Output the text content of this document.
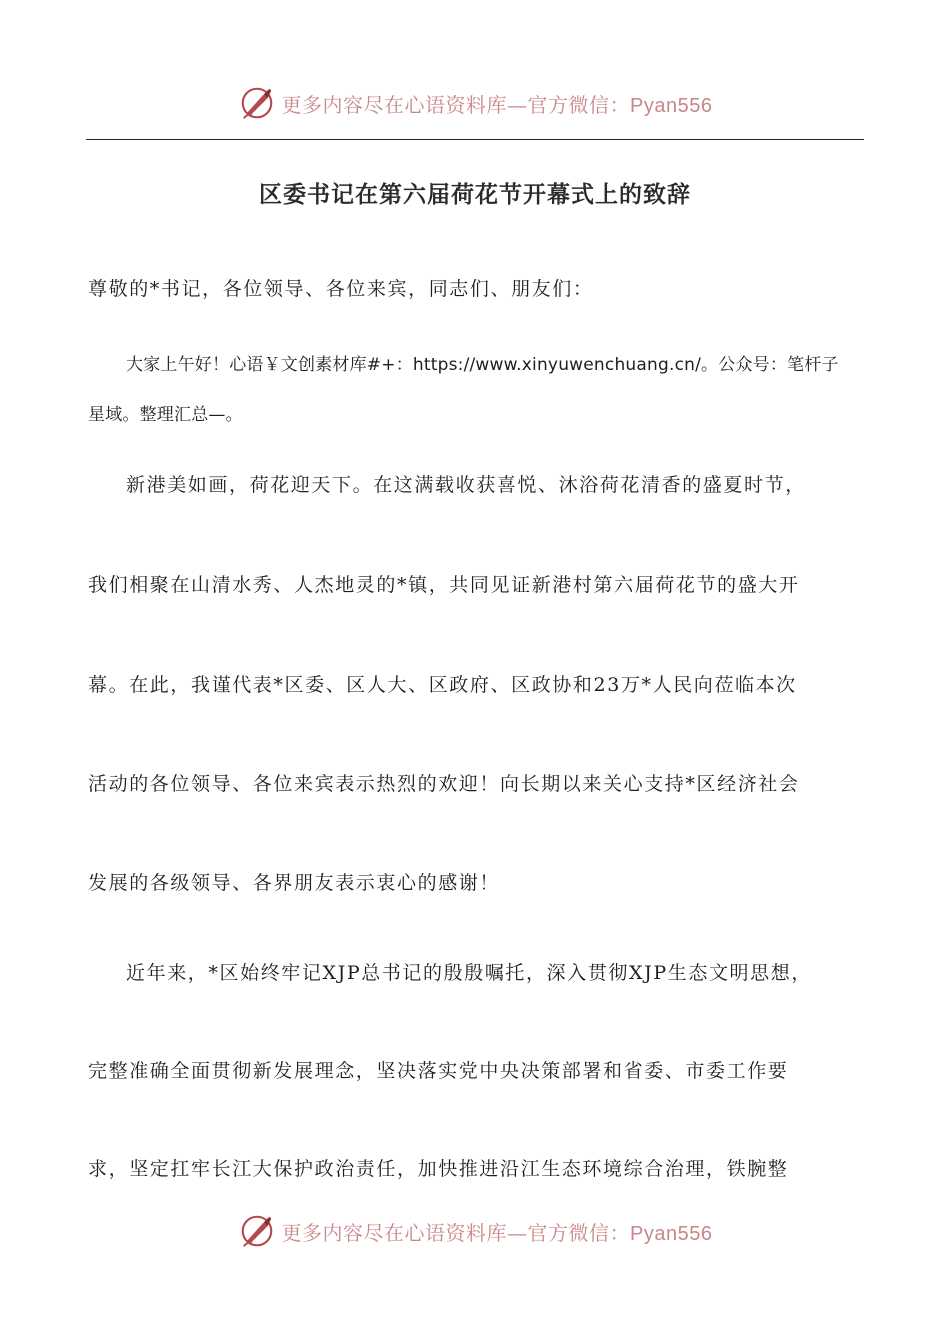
更多内容尽在心语资料库—官方微信：Pyan556
区委书记在第六届荷花节开幕式上的致辞
尊敬的*书记，各位领导、各位来宾，同志们、朋友们：
大家上午好！心语￥文创素材库#+：https://www.xinyuwenchuang.cn/。公众号：笔杆子
星域。整理汇总—。
新港美如画，荷花迎天下。在这满载收获喜悦、沐浴荷花清香的盛夏时节，
我们相聚在山清水秀、人杰地灵的*镇，共同见证新港村第六届荷花节的盛大开
幕。在此，我谨代表*区委、区人大、区政府、区政协和23万*人民向莅临本次
活动的各位领导、各位来宾表示热烈的欢迎！向长期以来关心支持*区经济社会
发展的各级领导、各界朋友表示衷心的感谢！
近年来，*区始终牢记XJP总书记的殷殷嘱托，深入贯彻XJP生态文明思想，
完整准确全面贯彻新发展理念，坚决落实党中央决策部署和省委、市委工作要
求，坚定扛牢长江大保护政治责任，加快推进沿江生态环境综合治理，铁腕整
更多内容尽在心语资料库—官方微信：Pyan556
